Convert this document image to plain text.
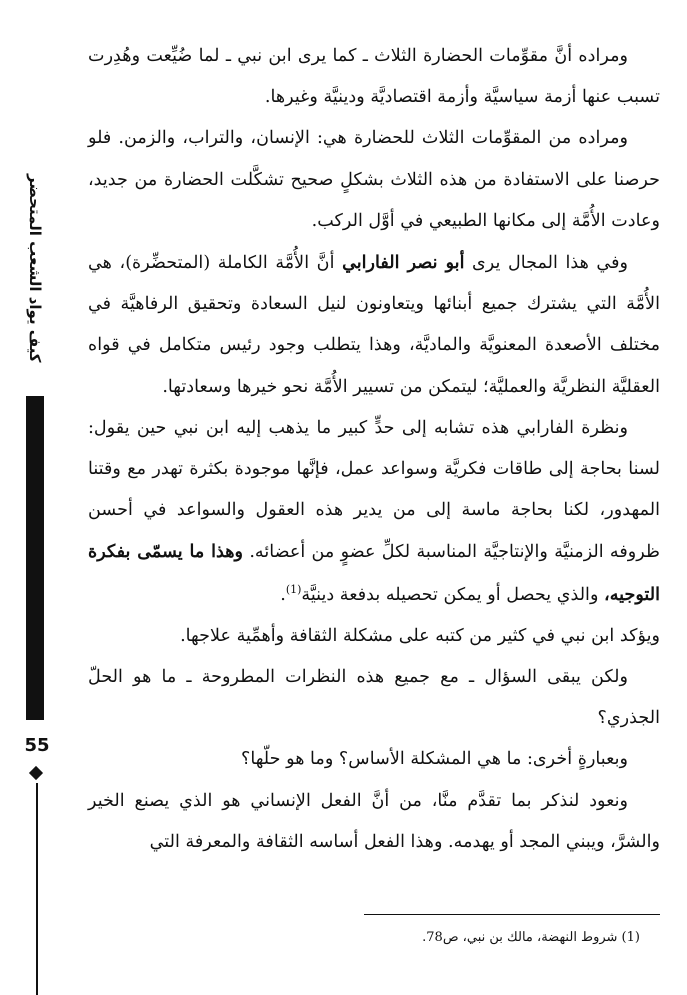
كيف يواد الشعب المتحضر
55

ومراده أنَّ مقوِّمات الحضارة الثلاث ـ كما يرى ابن نبي ـ لما ضُيِّعت وهُدِرت تسبب عنها أزمة سياسيَّة وأزمة اقتصاديَّة ودينيَّة وغيرها.

ومراده من المقوِّمات الثلاث للحضارة هي: الإنسان، والتراب، والزمن. فلو حرصنا على الاستفادة من هذه الثلاث بشكلٍ صحيح تشكَّلت الحضارة من جديد، وعادت الأُمَّة إلى مكانها الطبيعي في أوَّل الركب.

وفي هذا المجال يرى أبو نصر الفارابي أنَّ الأُمَّة الكاملة (المتحضِّرة)، هي الأُمَّة التي يشترك جميع أبنائها ويتعاونون لنيل السعادة وتحقيق الرفاهيَّة في مختلف الأصعدة المعنويَّة والماديَّة، وهذا يتطلب وجود رئيس متكامل في قواه العقليَّة النظريَّة والعمليَّة؛ ليتمكن من تسيير الأُمَّة نحو خيرها وسعادتها.

ونظرة الفارابي هذه تشابه إلى حدٍّ كبير ما يذهب إليه ابن نبي حين يقول: لسنا بحاجة إلى طاقات فكريَّة وسواعد عمل، فإنَّها موجودة بكثرة تهدر مع وقتنا المهدور، لكنا بحاجة ماسة إلى من يدير هذه العقول والسواعد في أحسن ظروفه الزمنيَّة والإنتاجيَّة المناسبة لكلِّ عضوٍ من أعضائه. وهذا ما يسمّى بفكرة التوجيه، والذي يحصل أو يمكن تحصيله بدفعة دينيَّة$^{(1)}$.

ويؤكد ابن نبي في كثير من كتبه على مشكلة الثقافة وأهمِّية علاجها.

ولكن يبقى السؤال ـ مع جميع هذه النظرات المطروحة ـ ما هو الحلّ الجذري؟

وبعبارةٍ أخرى: ما هي المشكلة الأساس؟ وما هو حلّها؟

ونعود لنذكر بما تقدَّم منَّا، من أنَّ الفعل الإنساني هو الذي يصنع الخير والشرَّ، ويبني المجد أو يهدمه. وهذا الفعل أساسه الثقافة والمعرفة التي

(1) شروط النهضة، مالك بن نبي، ص78.
